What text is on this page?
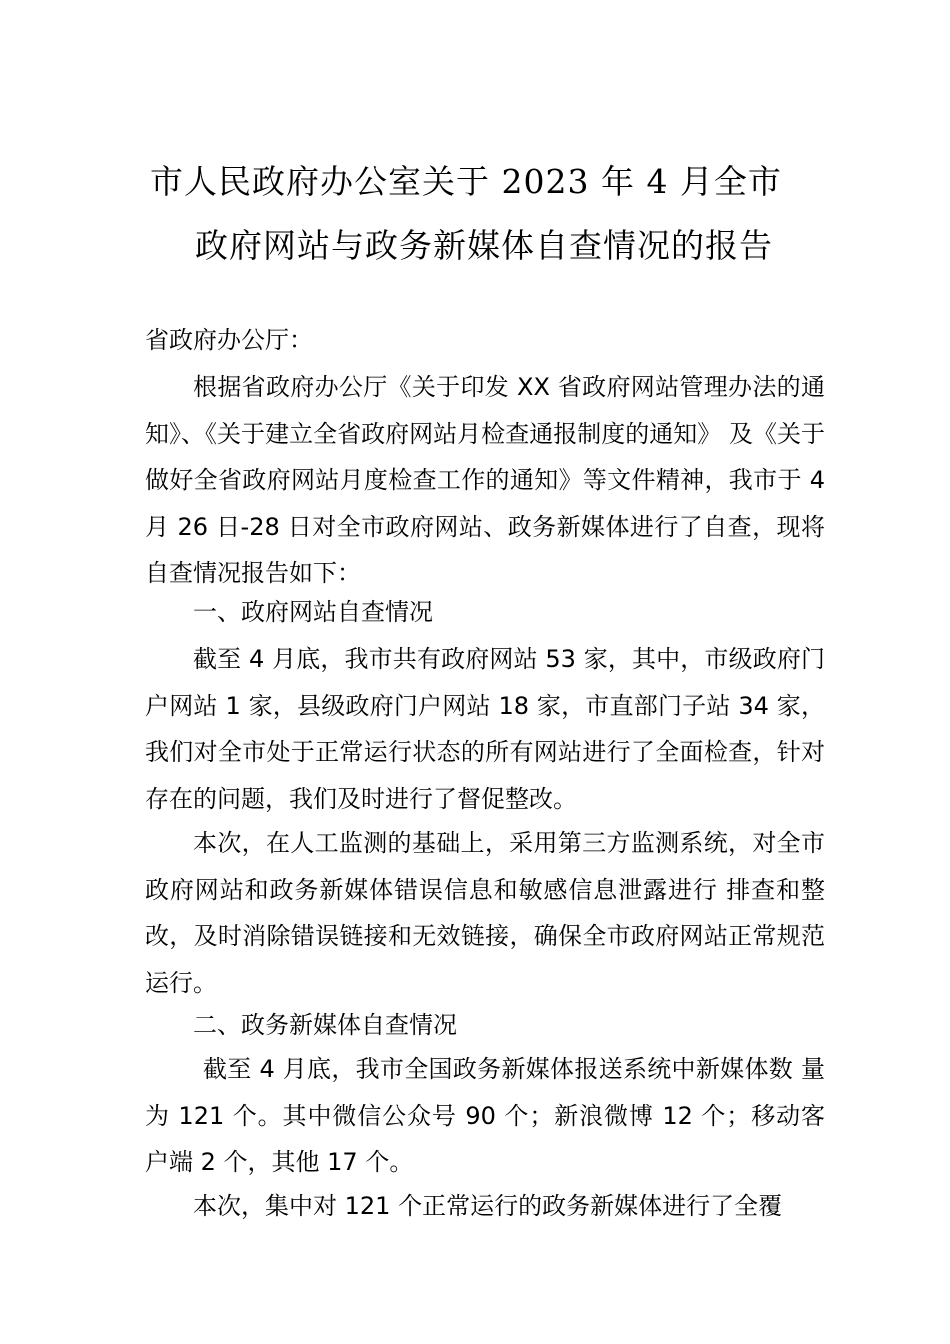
市人民政府办公室关于 2023 年 4 月全市
政府网站与政务新媒体自查情况的报告

省政府办公厅：

根据省政府办公厅《关于印发 XX 省政府网站管理办法的通知》、《关于建立全省政府网站月检查通报制度的通知》 及《关于做好全省政府网站月度检查工作的通知》等文件精神，我市于 4 月 26 日-28 日对全市政府网站、政务新媒体进行了自查，现将自查情况报告如下：

一、政府网站自查情况

截至 4 月底，我市共有政府网站 53 家，其中，市级政府门户网站 1 家，县级政府门户网站 18 家，市直部门子站 34 家，我们对全市处于正常运行状态的所有网站进行了全面检查，针对存在的问题，我们及时进行了督促整改。

本次，在人工监测的基础上，采用第三方监测系统，对全市政府网站和政务新媒体错误信息和敏感信息泄露进行 排查和整改，及时消除错误链接和无效链接，确保全市政府网站正常规范运行。

二、政务新媒体自查情况

截至 4 月底，我市全国政务新媒体报送系统中新媒体数 量为 121 个。其中微信公众号 90 个；新浪微博 12 个；移动客户端 2 个，其他 17 个。

本次，集中对 121 个正常运行的政务新媒体进行了全覆
